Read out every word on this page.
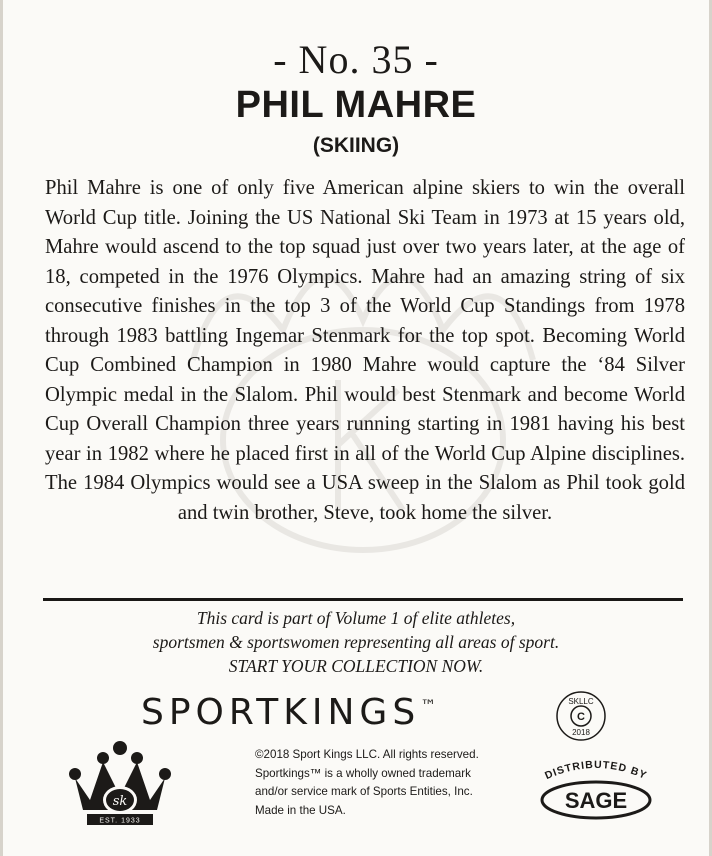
- No. 35 -
PHIL MAHRE
(SKIING)

Phil Mahre is one of only five American alpine skiers to win the overall World Cup title. Joining the US National Ski Team in 1973 at 15 years old, Mahre would ascend to the top squad just over two years later, at the age of 18, competed in the 1976 Olympics. Mahre had an amazing string of six consecutive finishes in the top 3 of the World Cup Standings from 1978 through 1983 battling Ingemar Stenmark for the top spot. Becoming World Cup Combined Champion in 1980 Mahre would capture the ‘84 Silver Olympic medal in the Slalom. Phil would best Stenmark and become World Cup Overall Champion three years running starting in 1981 having his best year in 1982 where he placed first in all of the World Cup Alpine disciplines. The 1984 Olympics would see a USA sweep in the Slalom as Phil took gold and twin brother, Steve, took home the silver.

This card is part of Volume 1 of elite athletes,
sportsmen & sportswomen representing all areas of sport.
START YOUR COLLECTION NOW.
SPORTKINGS™	SKLLC
C
2018
sk
EST. 1933
©2018 Sport Kings LLC. All rights reserved.
Sportkings™ is a wholly owned trademark
and/or service mark of Sports Entities, Inc.
Made in the USA.
DISTRIBUTED BY
SAGE
